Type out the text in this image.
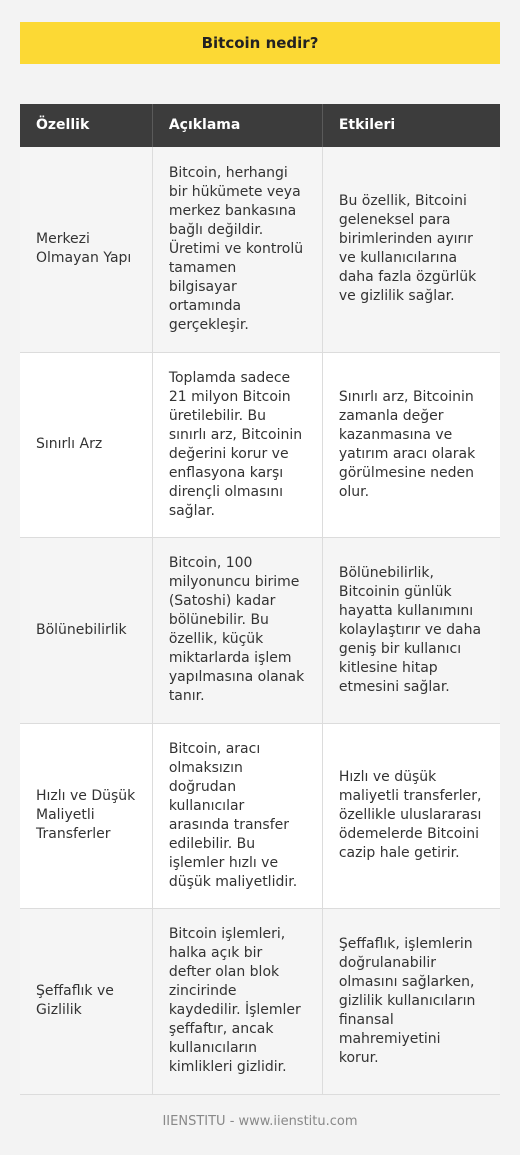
Bitcoin nedir?
Özellik	Açıklama	Etkileri
Merkezi Olmayan Yapı	Bitcoin, herhangi bir hükümete veya merkez bankasına bağlı değildir. Üretimi ve kontrolü tamamen bilgisayar ortamında gerçekleşir.	Bu özellik, Bitcoini geleneksel para birimlerinden ayırır ve kullanıcılarına daha fazla özgürlük ve gizlilik sağlar.
Sınırlı Arz	Toplamda sadece 21 milyon Bitcoin üretilebilir. Bu sınırlı arz, Bitcoinin değerini korur ve enflasyona karşı dirençli olmasını sağlar.	Sınırlı arz, Bitcoinin zamanla değer kazanmasına ve yatırım aracı olarak görülmesine neden olur.
Bölünebilirlik	Bitcoin, 100 milyonuncu birime (Satoshi) kadar bölünebilir. Bu özellik, küçük miktarlarda işlem yapılmasına olanak tanır.	Bölünebilirlik, Bitcoinin günlük hayatta kullanımını kolaylaştırır ve daha geniş bir kullanıcı kitlesine hitap etmesini sağlar.
Hızlı ve Düşük Maliyetli Transferler	Bitcoin, aracı olmaksızın doğrudan kullanıcılar arasında transfer edilebilir. Bu işlemler hızlı ve düşük maliyetlidir.	Hızlı ve düşük maliyetli transferler, özellikle uluslararası ödemelerde Bitcoini cazip hale getirir.
Şeffaflık ve Gizlilik	Bitcoin işlemleri, halka açık bir defter olan blok zincirinde kaydedilir. İşlemler şeffaftır, ancak kullanıcıların kimlikleri gizlidir.	Şeffaflık, işlemlerin doğrulanabilir olmasını sağlarken, gizlilik kullanıcıların finansal mahremiyetini korur.
IIENSTITU - www.iienstitu.com
